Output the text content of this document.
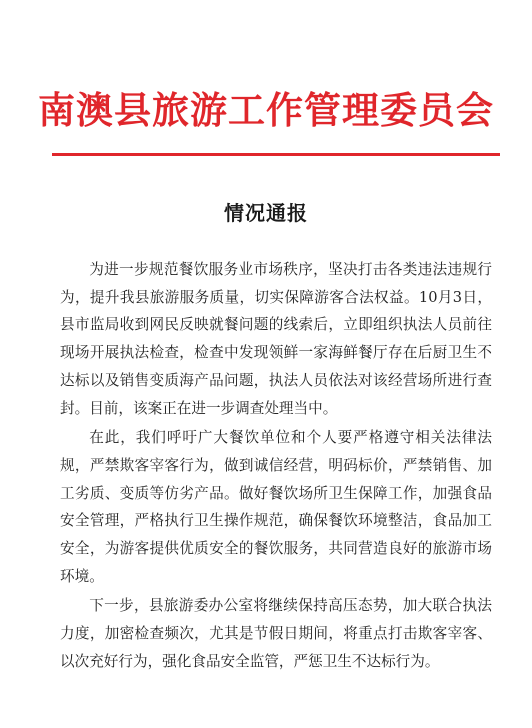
南澳县旅游工作管理委员会
情况通报

为进一步规范餐饮服务业市场秩序，坚决打击各类违法违规行为，提升我县旅游服务质量，切实保障游客合法权益。10月3日，县市监局收到网民反映就餐问题的线索后，立即组织执法人员前往现场开展执法检查，检查中发现领鲜一家海鲜餐厅存在后厨卫生不达标以及销售变质海产品问题，执法人员依法对该经营场所进行查封。目前，该案正在进一步调查处理当中。

在此，我们呼吁广大餐饮单位和个人要严格遵守相关法律法规，严禁欺客宰客行为，做到诚信经营，明码标价，严禁销售、加工劣质、变质等仿劣产品。做好餐饮场所卫生保障工作，加强食品安全管理，严格执行卫生操作规范，确保餐饮环境整洁，食品加工安全，为游客提供优质安全的餐饮服务，共同营造良好的旅游市场环境。

下一步，县旅游委办公室将继续保持高压态势，加大联合执法力度，加密检查频次，尤其是节假日期间，将重点打击欺客宰客、以次充好行为，强化食品安全监管，严惩卫生不达标行为。
